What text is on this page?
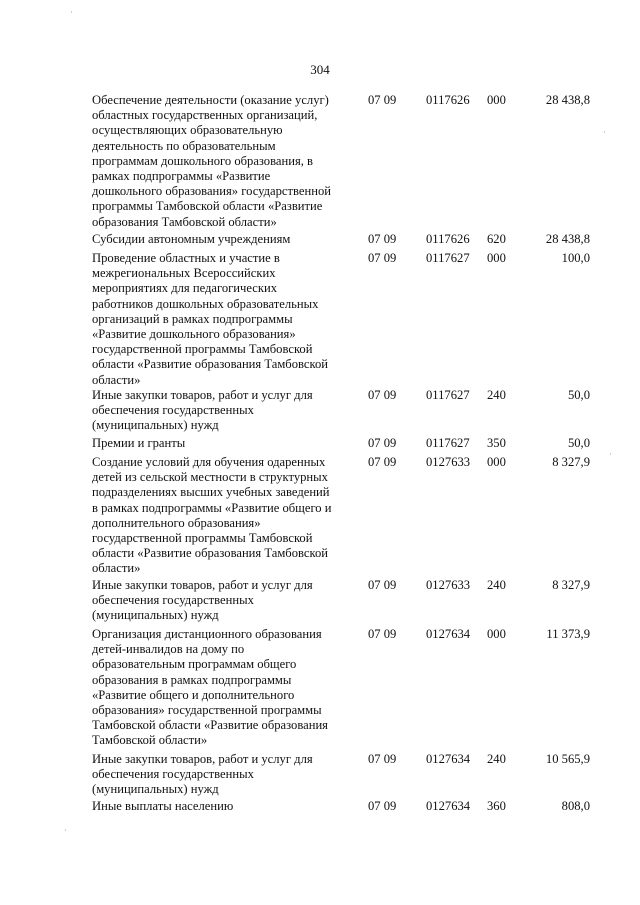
304
Обеспечение деятельности (оказание услуг)
областных государственных организаций,
осуществляющих образовательную
деятельность по образовательным
программам дошкольного образования, в
рамках подпрограммы «Развитие
дошкольного образования» государственной
программы Тамбовской области «Развитие
образования Тамбовской области»
07 09	0117626	000	28 438,8
Субсидии автономным учреждениям	07 09	0117626	620	28 438,8
Проведение областных и участие в
межрегиональных Всероссийских
мероприятиях для педагогических
работников дошкольных образовательных
организаций в рамках подпрограммы
«Развитие дошкольного образования»
государственной программы Тамбовской
области «Развитие образования Тамбовской
области»
07 09	0117627	000	100,0
Иные закупки товаров, работ и услуг для
обеспечения государственных
(муниципальных) нужд
07 09	0117627	240	50,0
Премии и гранты	07 09	0117627	350	50,0
Создание условий для обучения одаренных
детей из сельской местности в структурных
подразделениях высших учебных заведений
в рамках подпрограммы «Развитие общего и
дополнительного образования»
государственной программы Тамбовской
области «Развитие образования Тамбовской
области»
07 09	0127633	000	8 327,9
Иные закупки товаров, работ и услуг для
обеспечения государственных
(муниципальных) нужд
07 09	0127633	240	8 327,9
Организация дистанционного образования
детей-инвалидов на дому по
образовательным программам общего
образования в рамках подпрограммы
«Развитие общего и дополнительного
образования» государственной программы
Тамбовской области «Развитие образования
Тамбовской области»
07 09	0127634	000	11 373,9
Иные закупки товаров, работ и услуг для
обеспечения государственных
(муниципальных) нужд
07 09	0127634	240	10 565,9
Иные выплаты населению	07 09	0127634	360	808,0
·
·
·
·
